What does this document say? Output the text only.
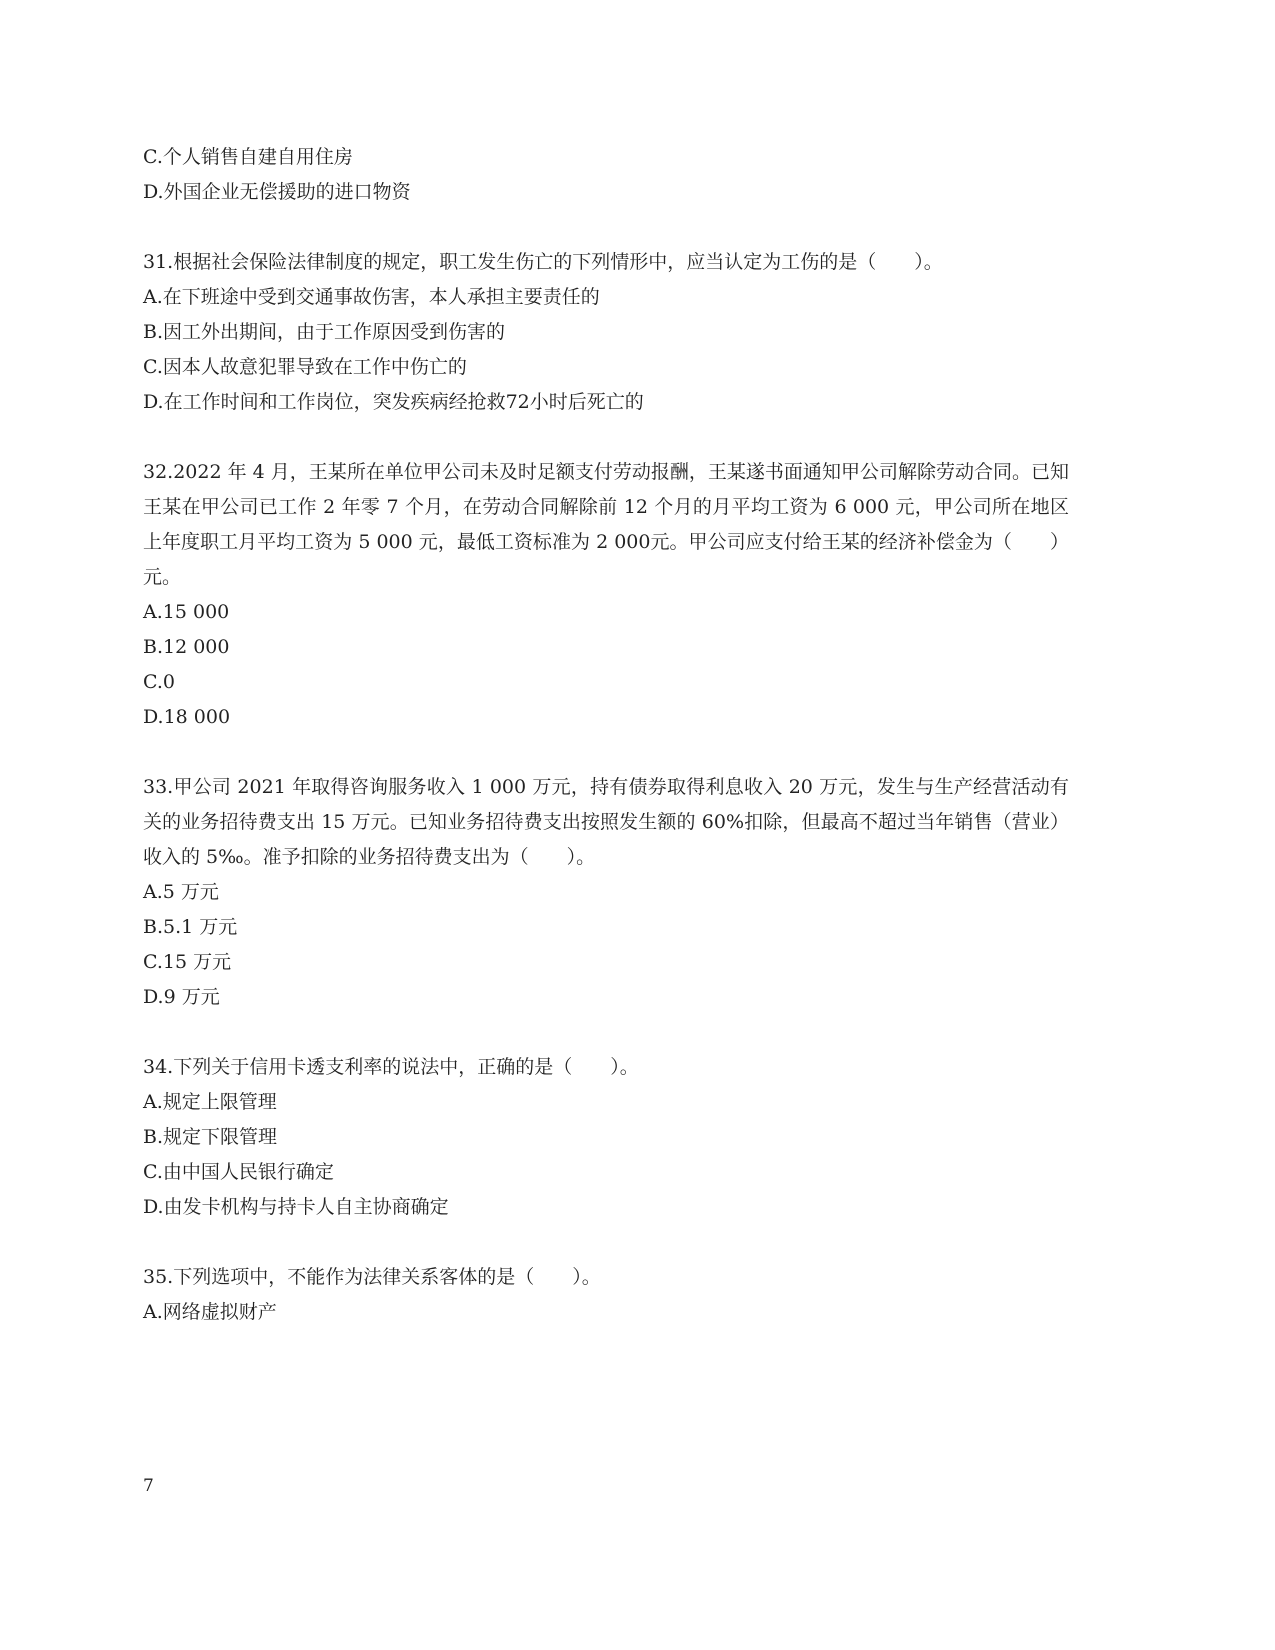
C.个人销售自建自用住房
D.外国企业无偿援助的进口物资
31.根据社会保险法律制度的规定，职工发生伤亡的下列情形中，应当认定为工伤的是（　　）。
A.在下班途中受到交通事故伤害，本人承担主要责任的
B.因工外出期间，由于工作原因受到伤害的
C.因本人故意犯罪导致在工作中伤亡的
D.在工作时间和工作岗位，突发疾病经抢救72小时后死亡的
32.2022 年 4 月，王某所在单位甲公司未及时足额支付劳动报酬，王某遂书面通知甲公司解除劳动合同。已知王某在甲公司已工作 2 年零 7 个月，在劳动合同解除前 12 个月的月平均工资为 6 000 元，甲公司所在地区上年度职工月平均工资为 5 000 元，最低工资标准为 2 000元。甲公司应支付给王某的经济补偿金为（　　）元。
A.15 000
B.12 000
C.0
D.18 000
33.甲公司 2021 年取得咨询服务收入 1 000 万元，持有债券取得利息收入 20 万元，发生与生产经营活动有关的业务招待费支出 15 万元。已知业务招待费支出按照发生额的 60%扣除，但最高不超过当年销售（营业）收入的 5‰。准予扣除的业务招待费支出为（　　）。
A.5 万元
B.5.1 万元
C.15 万元
D.9 万元
34.下列关于信用卡透支利率的说法中，正确的是（　　）。
A.规定上限管理
B.规定下限管理
C.由中国人民银行确定
D.由发卡机构与持卡人自主协商确定
35.下列选项中，不能作为法律关系客体的是（　　）。
A.网络虚拟财产
7
